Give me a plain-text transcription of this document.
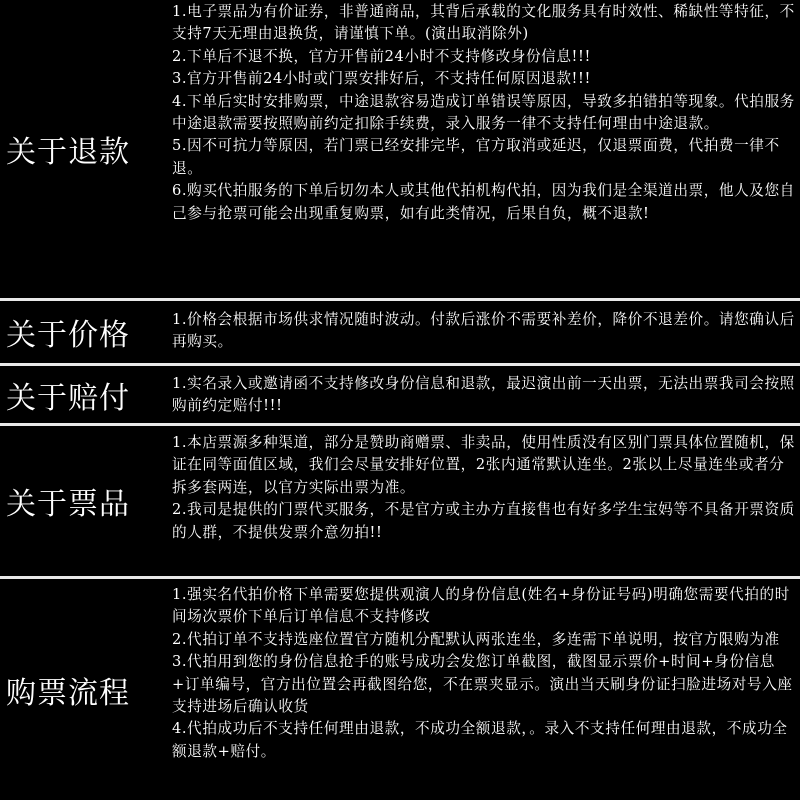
关于退款
1.电子票品为有价证券，非普通商品，其背后承载的文化服务具有时效性、稀缺性等特征，不支持7天无理由退换货，请谨慎下单。(演出取消除外)
2.下单后不退不换，官方开售前24小时不支持修改身份信息!!!
3.官方开售前24小时或门票安排好后，不支持任何原因退款!!!
4.下单后实时安排购票，中途退款容易造成订单错误等原因，导致多拍错拍等现象。代拍服务中途退款需要按照购前约定扣除手续费，录入服务一律不支持任何理由中途退款。
5.因不可抗力等原因，若门票已经安排完毕，官方取消或延迟，仅退票面费，代拍费一律不退。
6.购买代拍服务的下单后切勿本人或其他代拍机构代拍，因为我们是全渠道出票，他人及您自己参与抢票可能会出现重复购票，如有此类情况，后果自负，概不退款!
关于价格	1.价格会根据市场供求情况随时波动。付款后涨价不需要补差价，降价不退差价。请您确认后再购买。
关于赔付	1.实名录入或邀请函不支持修改身份信息和退款，最迟演出前一天出票，无法出票我司会按照购前约定赔付!!!
关于票品
1.本店票源多种渠道，部分是赞助商赠票、非卖品，使用性质没有区别门票具体位置随机，保证在同等面值区域，我们会尽量安排好位置，2张内通常默认连坐。2张以上尽量连坐或者分拆多套两连，以官方实际出票为准。
2.我司是提供的门票代买服务，不是官方或主办方直接售也有好多学生宝妈等不具备开票资质的人群，不提供发票介意勿拍!!
购票流程
1.强实名代拍价格下单需要您提供观演人的身份信息(姓名+身份证号码)明确您需要代拍的时间场次票价下单后订单信息不支持修改
2.代拍订单不支持选座位置官方随机分配默认两张连坐，多连需下单说明，按官方限购为准
3.代拍用到您的身份信息抢手的账号成功会发您订单截图，截图显示票价+时间+身份信息+订单编号，官方出位置会再截图给您，不在票夹显示。演出当天刷身份证扫脸进场对号入座支持进场后确认收货
4.代拍成功后不支持任何理由退款，不成功全额退款，。录入不支持任何理由退款，不成功全额退款+赔付。
